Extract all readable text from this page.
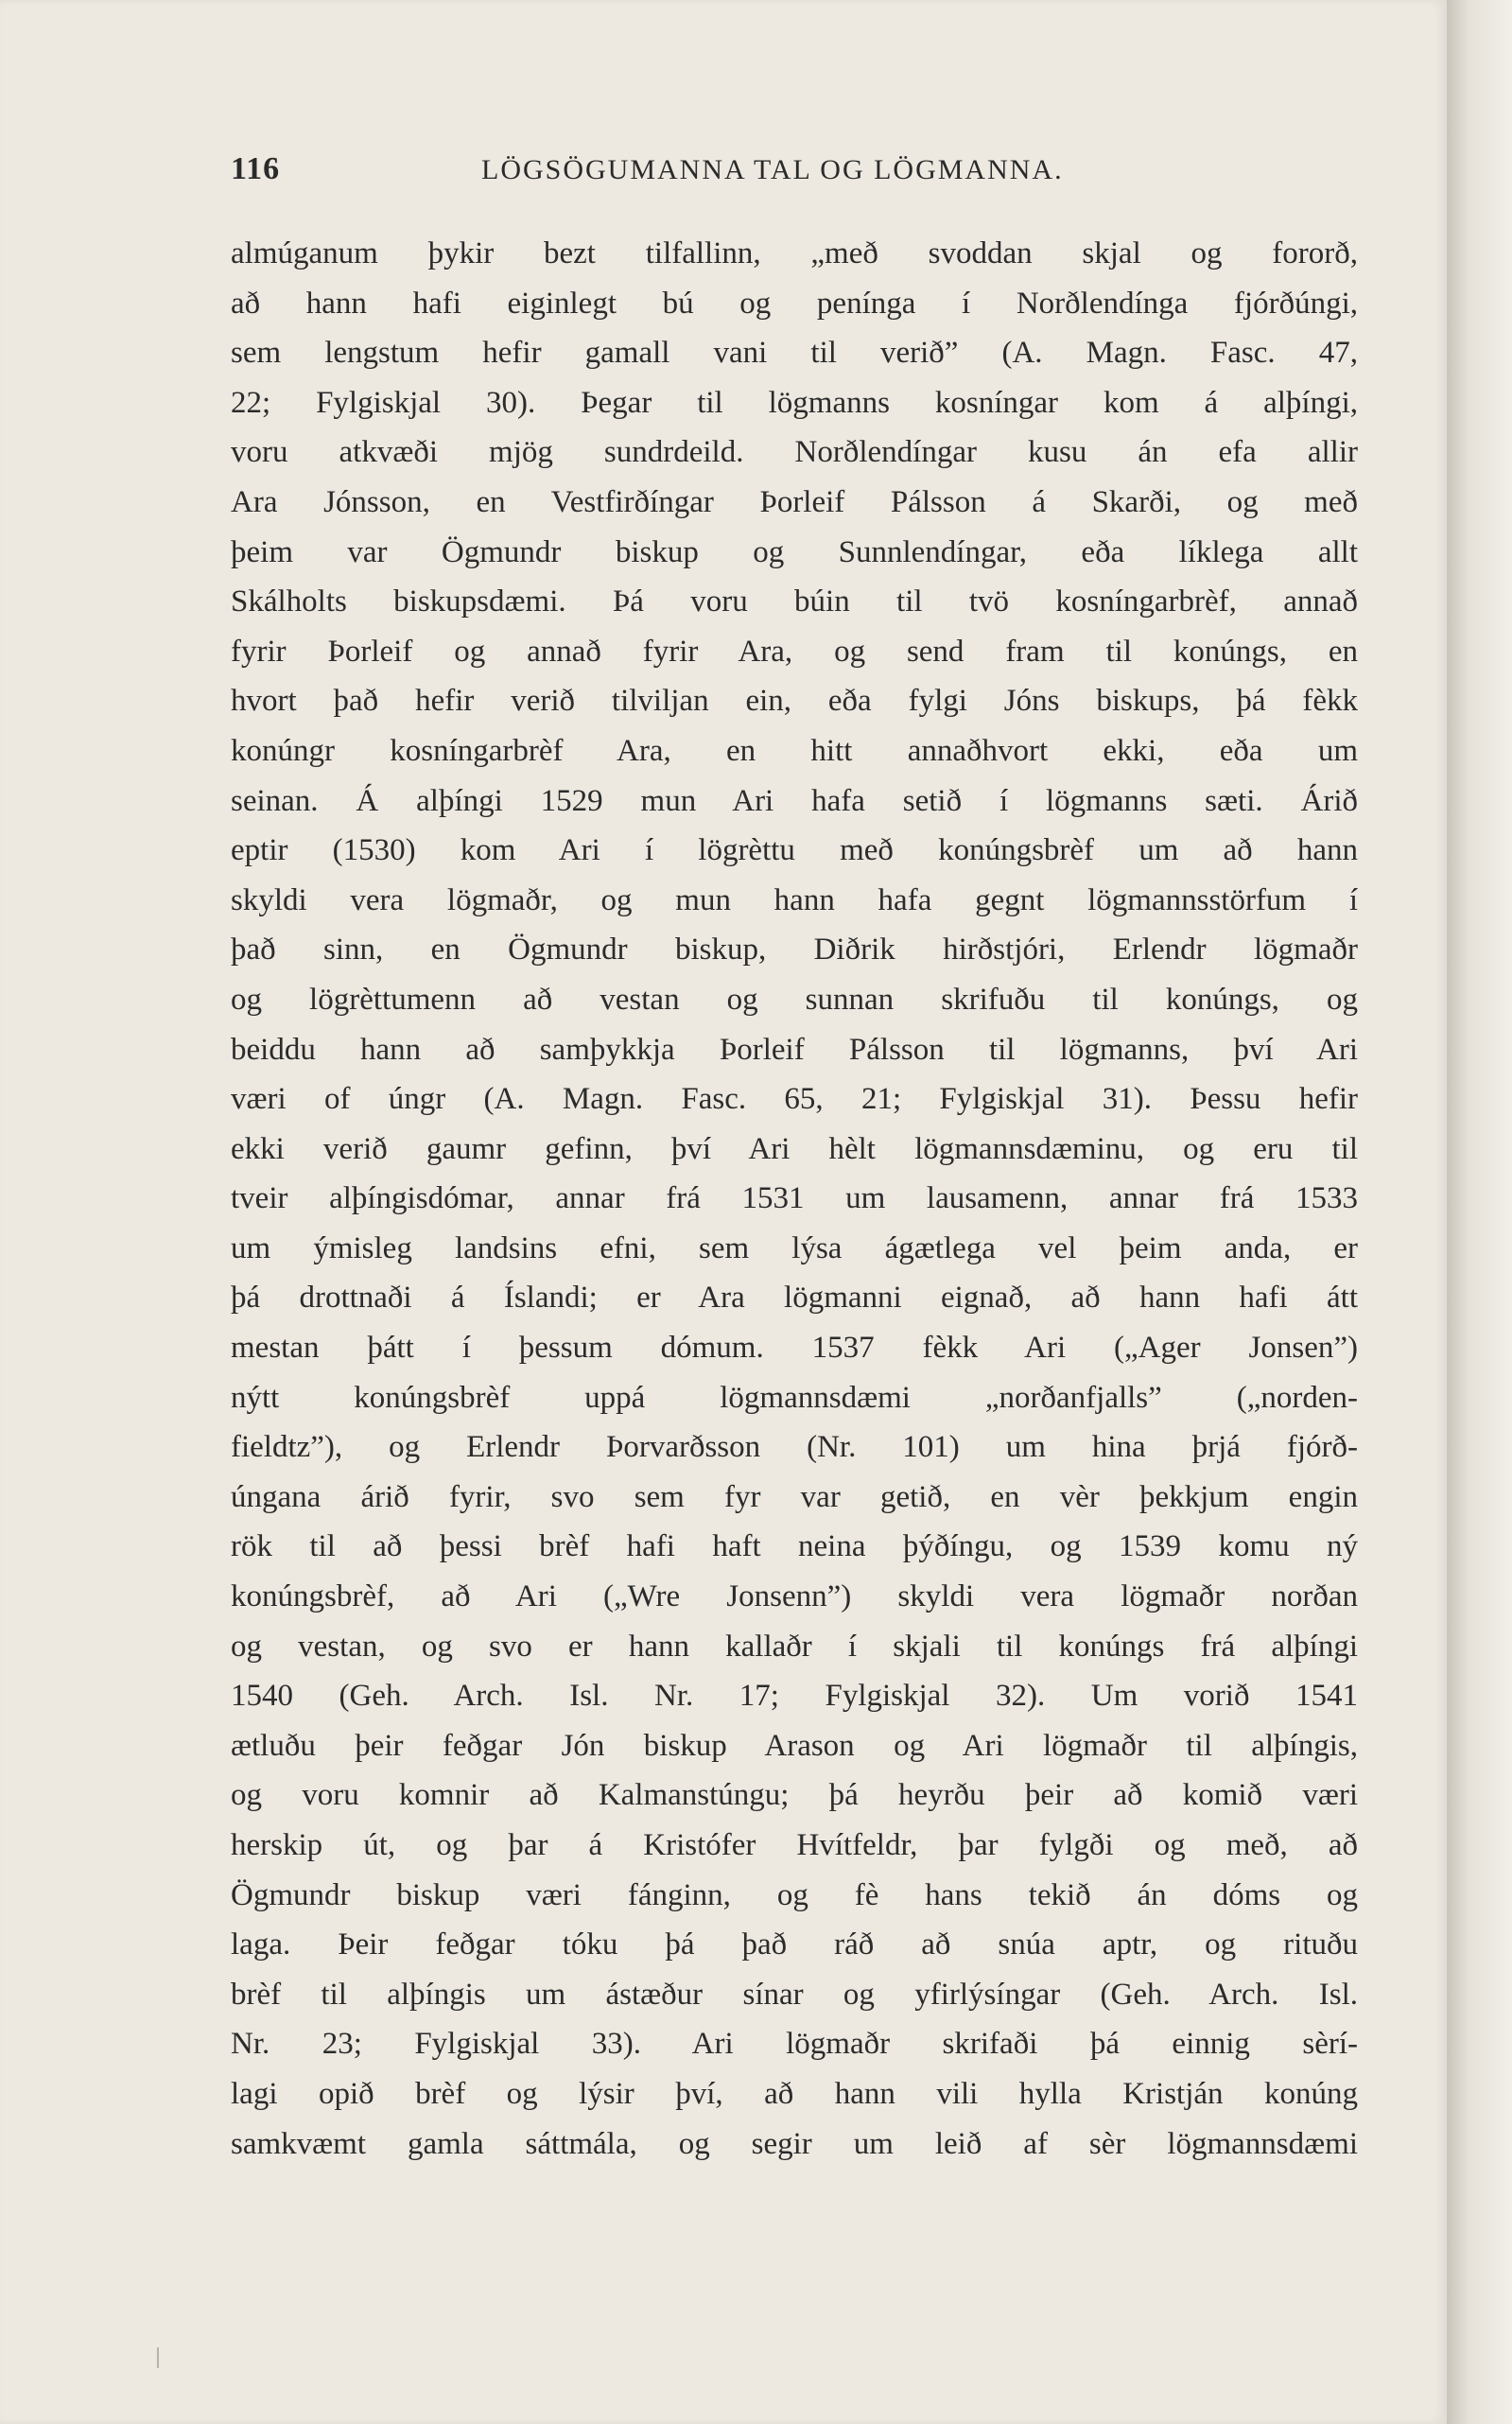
116	LÖGSÖGUMANNA TAL OG LÖGMANNA.
almúganum þykir bezt tilfallinn, „með svoddan skjal og fororð,
að hann hafi eiginlegt bú og penínga í Norðlendínga fjórðúngi,
sem lengstum hefir gamall vani til verið” (A. Magn. Fasc. 47,
22; Fylgiskjal 30). Þegar til lögmanns kosníngar kom á alþíngi,
voru atkvæði mjög sundrdeild. Norðlendíngar kusu án efa allir
Ara Jónsson, en Vestfirðíngar Þorleif Pálsson á Skarði, og með
þeim var Ögmundr biskup og Sunnlendíngar, eða líklega allt
Skálholts biskupsdæmi. Þá voru búin til tvö kosníngarbrèf, annað
fyrir Þorleif og annað fyrir Ara, og send fram til konúngs, en
hvort það hefir verið tilviljan ein, eða fylgi Jóns biskups, þá fèkk
konúngr kosníngarbrèf Ara, en hitt annaðhvort ekki, eða um
seinan. Á alþíngi 1529 mun Ari hafa setið í lögmanns sæti. Árið
eptir (1530) kom Ari í lögrèttu með konúngsbrèf um að hann
skyldi vera lögmaðr, og mun hann hafa gegnt lögmannsstörfum í
það sinn, en Ögmundr biskup, Diðrik hirðstjóri, Erlendr lögmaðr
og lögrèttumenn að vestan og sunnan skrifuðu til konúngs, og
beiddu hann að samþykkja Þorleif Pálsson til lögmanns, því Ari
væri of úngr (A. Magn. Fasc. 65, 21; Fylgiskjal 31). Þessu hefir
ekki verið gaumr gefinn, því Ari hèlt lögmannsdæminu, og eru til
tveir alþíngisdómar, annar frá 1531 um lausamenn, annar frá 1533
um ýmisleg landsins efni, sem lýsa ágætlega vel þeim anda, er
þá drottnaði á Íslandi; er Ara lögmanni eignað, að hann hafi átt
mestan þátt í þessum dómum. 1537 fèkk Ari („Ager Jonsen”)
nýtt konúngsbrèf uppá lögmannsdæmi „norðanfjalls” („norden-
fieldtz”), og Erlendr Þorvarðsson (Nr. 101) um hina þrjá fjórð-
úngana árið fyrir, svo sem fyr var getið, en vèr þekkjum engin
rök til að þessi brèf hafi haft neina þýðíngu, og 1539 komu ný
konúngsbrèf, að Ari („Wre Jonsenn”) skyldi vera lögmaðr norðan
og vestan, og svo er hann kallaðr í skjali til konúngs frá alþíngi
1540 (Geh. Arch. Isl. Nr. 17; Fylgiskjal 32). Um vorið 1541
ætluðu þeir feðgar Jón biskup Arason og Ari lögmaðr til alþíngis,
og voru komnir að Kalmanstúngu; þá heyrðu þeir að komið væri
herskip út, og þar á Kristófer Hvítfeldr, þar fylgði og með, að
Ögmundr biskup væri fánginn, og fè hans tekið án dóms og
laga. Þeir feðgar tóku þá það ráð að snúa aptr, og rituðu
brèf til alþíngis um ástæður sínar og yfirlýsíngar (Geh. Arch. Isl.
Nr. 23; Fylgiskjal 33). Ari lögmaðr skrifaði þá einnig sèrí-
lagi opið brèf og lýsir því, að hann vili hylla Kristján konúng
samkvæmt gamla sáttmála, og segir um leið af sèr lögmannsdæmi
